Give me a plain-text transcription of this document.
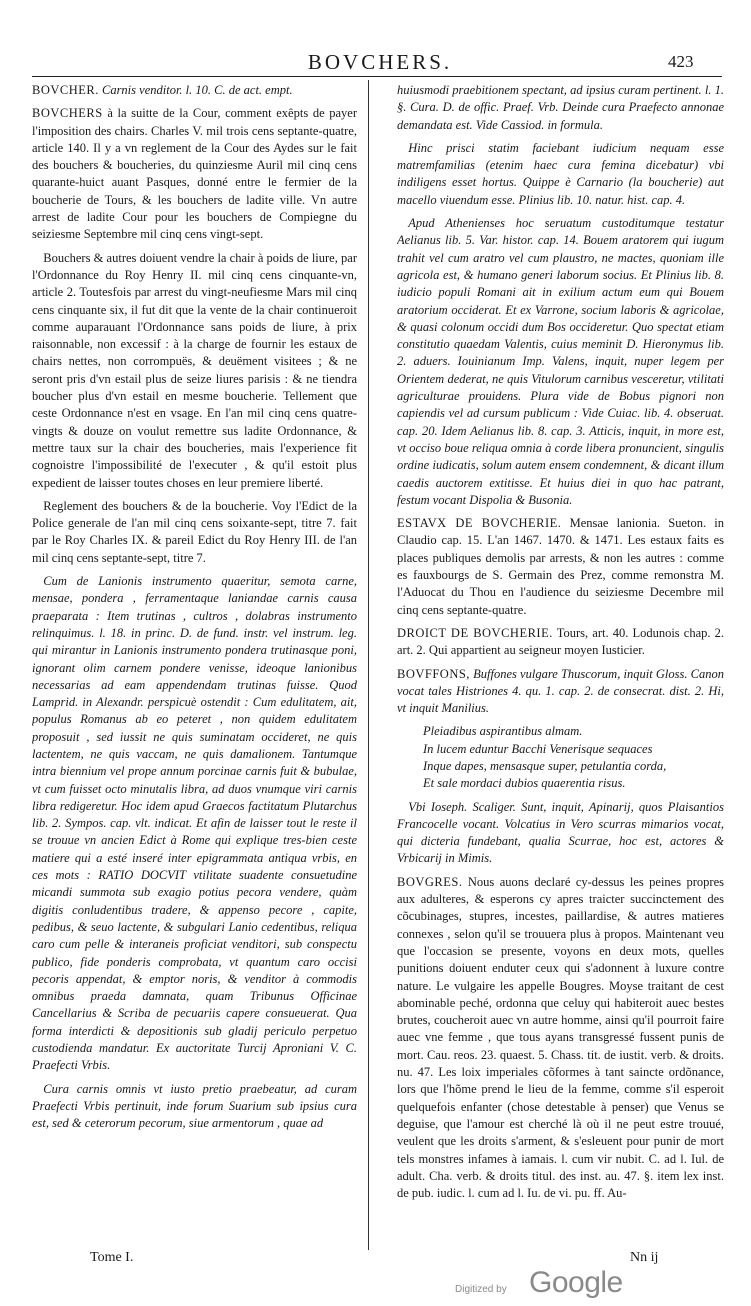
BOVCHERS.	423

BOVCHER. Carnis venditor. l. 10. C. de act. empt.

BOVCHERS à la suitte de la Cour, comment exêpts de payer l'imposition des chairs. Charles V. mil trois cens septante-quatre, article 140. Il y a vn reglement de la Cour des Aydes sur le fait des bouchers & boucheries, du quinziesme Auril mil cinq cens quarante-huict auant Pasques, donné entre le fermier de la boucherie de Tours, & les bouchers de ladite ville. Vn autre arrest de ladite Cour pour les bouchers de Compiegne du seiziesme Septembre mil cinq cens vingt-sept.

Bouchers & autres doiuent vendre la chair à poids de liure, par l'Ordonnance du Roy Henry II. mil cinq cens cinquante-vn, article 2. Toutesfois par arrest du vingt-neufiesme Mars mil cinq cens cinquante six, il fut dit que la vente de la chair continueroit comme auparauant l'Ordonnance sans poids de liure, à prix raisonnable, non excessif : à la charge de fournir les estaux de chairs nettes, non corrompuës, & deuëment visitees ; & ne seront pris d'vn estail plus de seize liures parisis : & ne tiendra boucher plus d'vn estail en mesme boucherie. Tellement que ceste Ordonnance n'est en vsage. En l'an mil cinq cens quatre-vingts & douze on voulut remettre sus ladite Ordonnance, & mettre taux sur la chair des boucheries, mais l'experience fit cognoistre l'impossibilité de l'executer , & qu'il estoit plus expedient de laisser toutes choses en leur premiere liberté.

Reglement des bouchers & de la boucherie. Voy l'Edict de la Police generale de l'an mil cinq cens soixante-sept, titre 7. fait par le Roy Charles IX. & pareil Edict du Roy Henry III. de l'an mil cinq cens septante-sept, titre 7.

Cum de Lanionis instrumento quaeritur, semota carne, mensae, pondera , ferramentaque laniandae carnis causa praeparata : Item trutinas , cultros , dolabras instrumento relinquimus. l. 18. in princ. D. de fund. instr. vel instrum. leg. qui mirantur in Lanionis instrumento pondera trutinasque poni, ignorant olim carnem pondere venisse, ideoque lanionibus necessarias ad eam appendendam trutinas fuisse. Quod Lamprid. in Alexandr. perspicuè ostendit : Cum edulitatem, ait, populus Romanus ab eo peteret , non quidem edulitatem proposuit , sed iussit ne quis suminatam occideret, ne quis lactentem, ne quis vaccam, ne quis damalionem. Tantumque intra biennium vel prope annum porcinae carnis fuit & bubulae, vt cum fuisset octo minutalis libra, ad duos vnumque viri carnis libra redigeretur. Hoc idem apud Graecos factitatum Plutarchus lib. 2. Sympos. cap. vlt. indicat. Et afin de laisser tout le reste il se trouue vn ancien Edict à Rome qui explique tres-bien ceste matiere qui a esté inseré inter epigrammata antiqua vrbis, en ces mots : RATIO DOCVIT vtilitate suadente consuetudine micandi summota sub exagio potius pecora vendere, quàm digitis conludentibus tradere, & appenso pecore , capite, pedibus, & seuo lactente, & subgulari Lanio cedentibus, reliqua caro cum pelle & interaneis proficiat venditori, sub conspectu publico, fide ponderis comprobata, vt quantum caro occisi pecoris appendat, & emptor noris, & venditor à commodis omnibus praeda damnata, quam Tribunus Officinae Cancellarius & Scriba de pecuariis capere consueuerat. Qua forma interdicti & depositionis sub gladij periculo perpetuo custodienda mandatur. Ex auctoritate Turcij Aproniani V. C. Praefecti Vrbis.

Cura carnis omnis vt iusto pretio praebeatur, ad curam Praefecti Vrbis pertinuit, inde forum Suarium sub ipsius cura est, sed & ceterorum pecorum, siue armentorum , quae ad

huiusmodi praebitionem spectant, ad ipsius curam pertinent. l. 1. §. Cura. D. de offic. Praef. Vrb. Deinde cura Praefecto annonae demandata est. Vide Cassiod. in formula.

Hinc prisci statim faciebant iudicium nequam esse matremfamilias (etenim haec cura femina dicebatur) vbi indiligens esset hortus. Quippe è Carnario (la boucherie) aut macello viuendum esse. Plinius lib. 10. natur. hist. cap. 4.

Apud Athenienses hoc seruatum custoditumque testatur Aelianus lib. 5. Var. histor. cap. 14. Bouem aratorem qui iugum trahit vel cum aratro vel cum plaustro, ne mactes, quoniam ille agricola est, & humano generi laborum socius. Et Plinius lib. 8. iudicio populi Romani ait in exilium actum eum qui Bouem aratorium occiderat. Et ex Varrone, socium laboris & agricolae, & quasi colonum occidi dum Bos occideretur. Quo spectat etiam constitutio quaedam Valentis, cuius meminit D. Hieronymus lib. 2. aduers. Iouinianum Imp. Valens, inquit, nuper legem per Orientem dederat, ne quis Vitulorum carnibus vesceretur, vtilitati agriculturae prouidens. Plura vide de Bobus pignori non capiendis vel ad cursum publicum : Vide Cuiac. lib. 4. obseruat. cap. 20. Idem Aelianus lib. 8. cap. 3. Atticis, inquit, in more est, vt occiso boue reliqua omnia à corde libera pronuncient, singulis ordine iudicatis, solum autem ensem condemnent, & dicant illum caedis auctorem extitisse. Et huius diei in quo hac patrant, festum vocant Dispolia & Busonia.

ESTAVX DE BOVCHERIE. Mensae lanionia. Sueton. in Claudio cap. 15. L'an 1467. 1470. & 1471. Les estaux faits es places publiques demolis par arrests, & non les autres : comme es fauxbourgs de S. Germain des Prez, comme remonstra M. l'Aduocat du Thou en l'audience du seiziesme Decembre mil cinq cens septante-quatre.

DROICT DE BOVCHERIE. Tours, art. 40. Lodunois chap. 2. art. 2. Qui appartient au seigneur moyen Iusticier.

BOVFFONS, Buffones vulgare Thuscorum, inquit Gloss. Canon vocat tales Histriones 4. qu. 1. cap. 2. de consecrat. dist. 2. Hi, vt inquit Manilius.

Pleiadibus aspirantibus almam.

In lucem eduntur Bacchi Venerisque sequaces

Inque dapes, mensasque super, petulantia corda,

Et sale mordaci dubios quaerentia risus.

Vbi Ioseph. Scaliger. Sunt, inquit, Apinarij, quos Plaisantios Francocelle vocant. Volcatius in Vero scurras mimarios vocat, qui dicteria fundebant, qualia Scurrae, hoc est, actores & Vrbicarij in Mimis.

BOVGRES. Nous auons declaré cy-dessus les peines propres aux adulteres, & esperons cy apres traicter succinctement des cõcubinages, stupres, incestes, paillardise, & autres matieres connexes , selon qu'il se trouuera plus à propos. Maintenant veu que l'occasion se presente, voyons en deux mots, quelles punitions doiuent enduter ceux qui s'adonnent à luxure contre nature. Le vulgaire les appelle Bougres. Moyse traitant de cest abominable peché, ordonna que celuy qui habiteroit auec bestes brutes, coucheroit auec vn autre homme, ainsi qu'il pourroit faire auec vne femme , que tous ayans transgressé fussent punis de mort. Cau. reos. 23. quaest. 5. Chass. tit. de iustit. verb. & droits. nu. 47. Les loix imperiales cõformes à tant saincte ordõnance, lors que l'hõme prend le lieu de la femme, comme s'il esperoit quelquefois enfanter (chose detestable à penser) que Venus se deguise, que l'amour est cherché là où il ne peut estre trouué, veulent que les droits s'arment, & s'esleuent pour punir de mort tels monstres infames à iamais. l. cum vir nubit. C. ad l. Iul. de adult. Cha. verb. & droits titul. des inst. au. 47. §. item lex inst. de pub. iudic. l. cum ad l. Iu. de vi. pu. ff. Au-

Tome I.	Nn ij
Digitized by Google
